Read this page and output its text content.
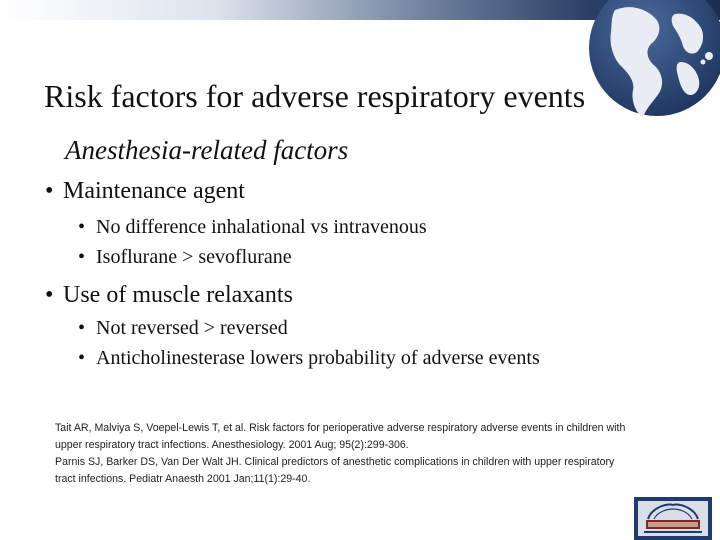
Risk factors for adverse respiratory events
Anesthesia-related factors
• Maintenance agent
• No difference inhalational vs intravenous
• Isoflurane > sevoflurane
• Use of muscle relaxants
• Not reversed > reversed
• Anticholinesterase lowers probability of adverse events
Tait AR, Malviya S, Voepel-Lewis T, et al. Risk factors for perioperative adverse respiratory adverse events in children with upper respiratory tract infections. Anesthesiology. 2001 Aug; 95(2):299-306.
Parnis SJ, Barker DS, Van Der Walt JH. Clinical predictors of anesthetic complications in children with upper respiratory tract infections. Pediatr Anaesth 2001 Jan;11(1):29-40.
